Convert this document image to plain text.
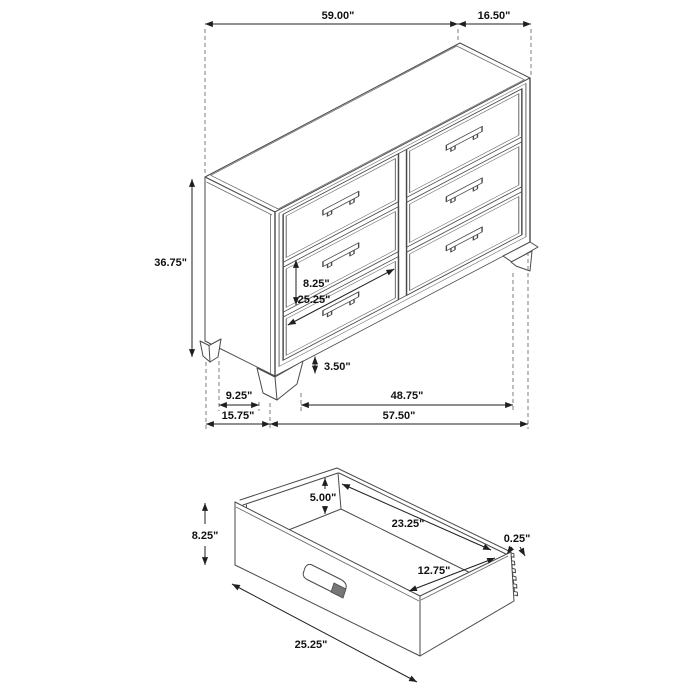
59.00"	16.50"
36.75"
8.25"
25.25"
3.50"
9.25"	48.75"
15.75"	57.50"
8.25"
5.00"
23.25"
12.75"
0.25"
25.25"
